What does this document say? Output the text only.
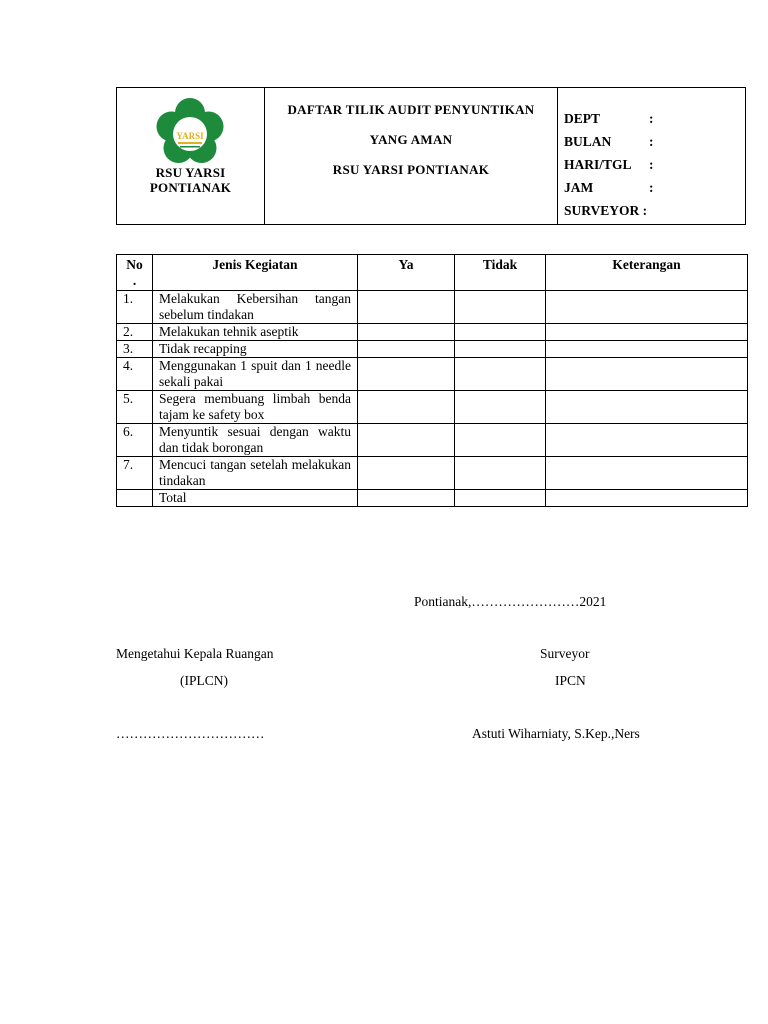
YARSI
RSU YARSI
PONTIANAK
DAFTAR TILIK AUDIT PENYUNTIKAN
YANG AMAN
RSU YARSI PONTIANAK
DEPT	:
BULAN	:
HARI/TGL :
JAM	:
SURVEYOR :
No
.	Jenis Kegiatan	Ya	Tidak	Keterangan
1.	Melakukan Kebersihan tangan sebelum tindakan			
2.	Melakukan tehnik aseptik			
3.	Tidak recapping			
4.	Menggunakan 1 spuit dan 1 needle sekali pakai			
5.	Segera membuang limbah benda tajam ke safety box			
6.	Menyuntik sesuai dengan waktu dan tidak borongan			
7.	Mencuci tangan setelah melakukan tindakan			
	Total			
Pontianak,……………………2021
Mengetahui Kepala Ruangan
(IPLCN)
……………………………
Surveyor
IPCN
Astuti Wiharniaty, S.Kep.,Ners
